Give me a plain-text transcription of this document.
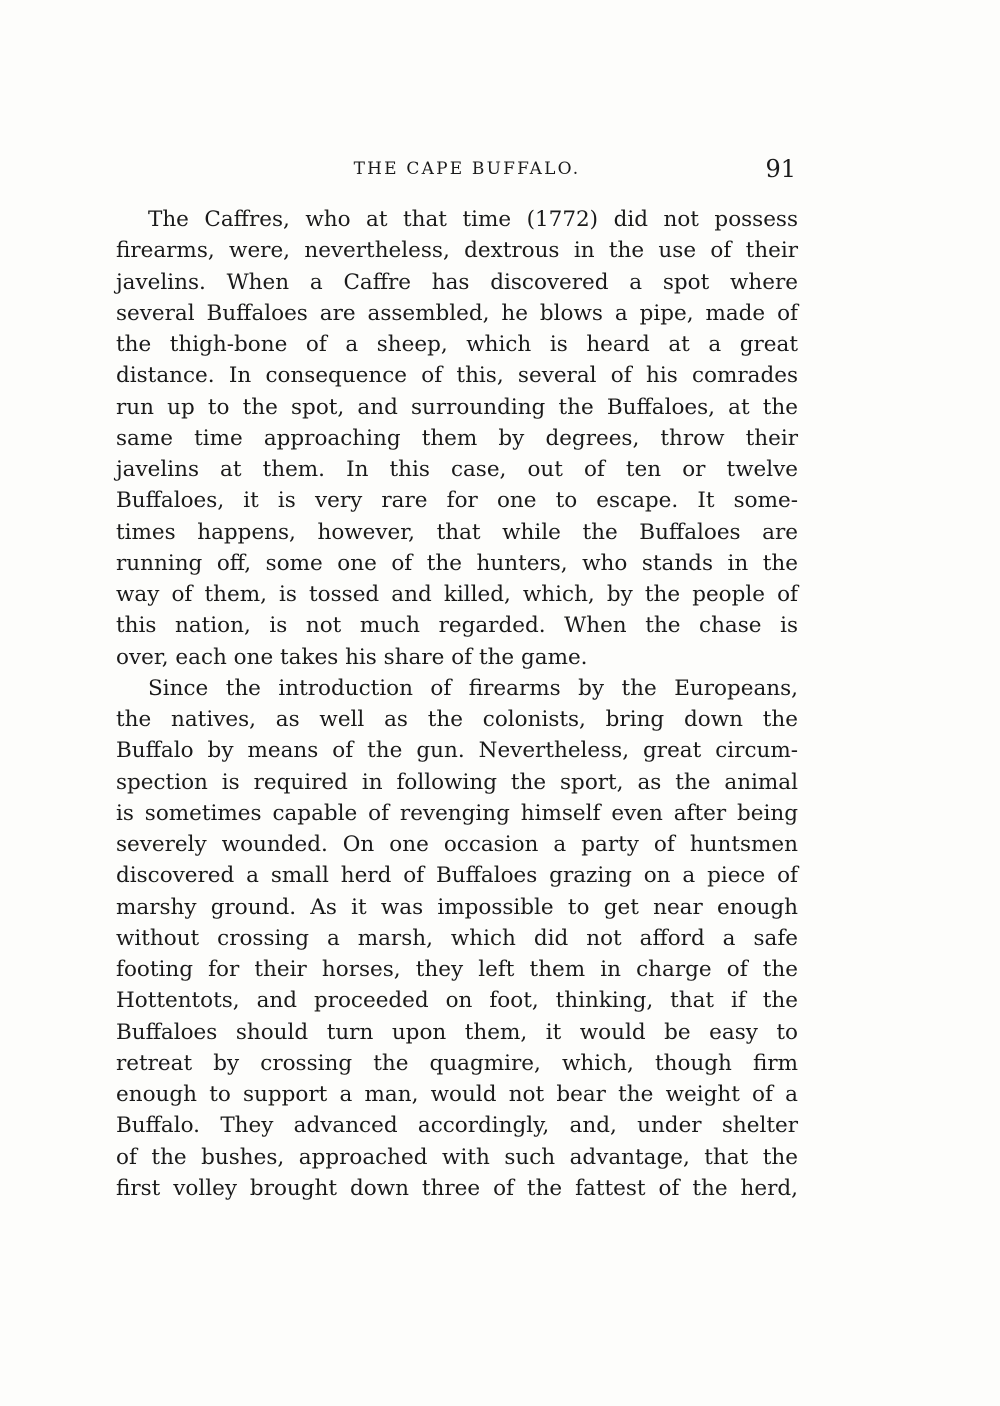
THE CAPE BUFFALO.	91
The Caffres, who at that time (1772) did not possess
firearms, were, nevertheless, dextrous in the use of their
javelins. When a Caffre has discovered a spot where
several Buffaloes are assembled, he blows a pipe, made of
the thigh-bone of a sheep, which is heard at a great
distance. In consequence of this, several of his comrades
run up to the spot, and surrounding the Buffaloes, at the
same time approaching them by degrees, throw their
javelins at them. In this case, out of ten or twelve
Buffaloes, it is very rare for one to escape. It some-
times happens, however, that while the Buffaloes are
running off, some one of the hunters, who stands in the
way of them, is tossed and killed, which, by the people of
this nation, is not much regarded. When the chase is
over, each one takes his share of the game.
Since the introduction of firearms by the Europeans,
the natives, as well as the colonists, bring down the
Buffalo by means of the gun. Nevertheless, great circum-
spection is required in following the sport, as the animal
is sometimes capable of revenging himself even after being
severely wounded. On one occasion a party of huntsmen
discovered a small herd of Buffaloes grazing on a piece of
marshy ground. As it was impossible to get near enough
without crossing a marsh, which did not afford a safe
footing for their horses, they left them in charge of the
Hottentots, and proceeded on foot, thinking, that if the
Buffaloes should turn upon them, it would be easy to
retreat by crossing the quagmire, which, though firm
enough to support a man, would not bear the weight of a
Buffalo. They advanced accordingly, and, under shelter
of the bushes, approached with such advantage, that the
first volley brought down three of the fattest of the herd,
